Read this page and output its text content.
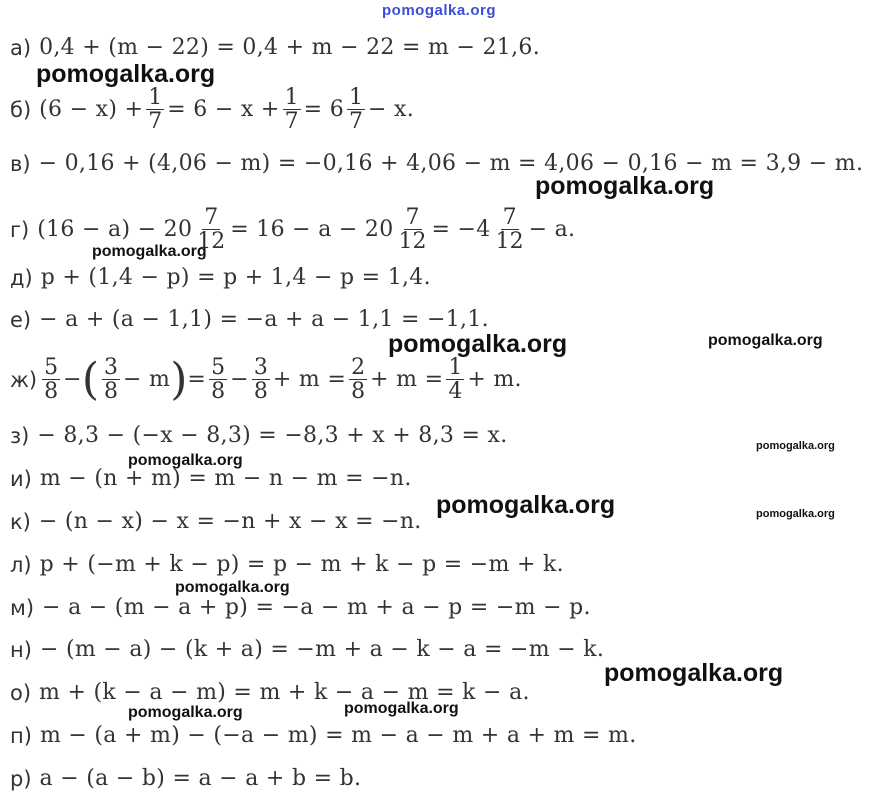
pomogalka.org
а) 0,4 + (m − 22) = 0,4 + m − 22 = m − 21,6.
б) $(6 - x) + \frac{1}{7} = 6 - x + \frac{1}{7} = 6 \frac{1}{7} - x$.
в) − 0,16 + (4,06 − m) = −0,16 + 4,06 − m = 4,06 − 0,16 − m = 3,9 − m.
г) $(16 - a) - 20 \frac{7}{12} = 16 - a - 20 \frac{7}{12} = -4 \frac{7}{12} - a$.
д) p + (1,4 − p) = p + 1,4 − p = 1,4.
е) − a + (a − 1,1) = −a + a − 1,1 = −1,1.
$ж) \frac{5}{8}$ − ( $\frac{3}{8} - m$ ) = $\frac{5}{8} - \frac{3}{8} + m = \frac{2}{8} + m = \frac{1}{4} + m$.
з) − 8,3 − (−x − 8,3) = −8,3 + x + 8,3 = x.
и) m − (n + m) = m − n − m = −n.
к) − (n − x) − x = −n + x − x = −n.
л) p + (−m + k − p) = p − m + k − p = −m + k.
м) − a − (m − a + p) = −a − m + a − p = −m − p.
н) − (m − a) − (k + a) = −m + a − k − a = −m − k.
о) m + (k − a − m) = m + k − a − m = k − a.
п) m − (a + m) − (−a − m) = m − a − m + a + m = m.
р) a − (a − b) = a − a + b = b.
pomogalka.org
pomogalka.org
pomogalka.org
pomogalka.org	pomogalka.org
pomogalka.org
pomogalka.org
pomogalka.org	pomogalka.org
pomogalka.org
pomogalka.org
pomogalka.org
pomogalka.org
